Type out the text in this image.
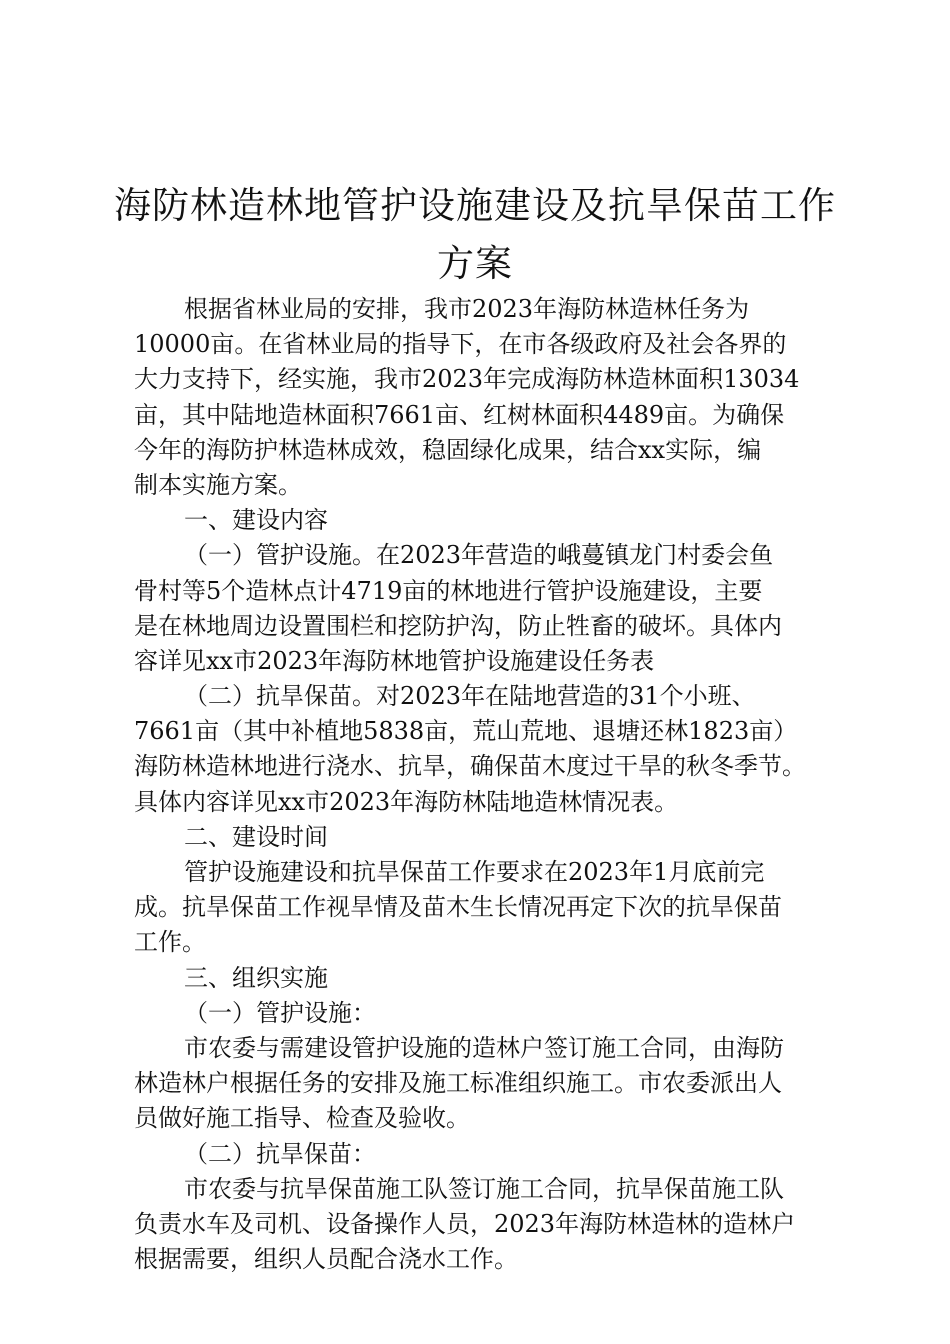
海防林造林地管护设施建设及抗旱保苗工作
方案
根据省林业局的安排，我市2023年海防林造林任务为
10000亩。在省林业局的指导下，在市各级政府及社会各界的
大力支持下，经实施，我市2023年完成海防林造林面积13034
亩，其中陆地造林面积7661亩、红树林面积4489亩。为确保
今年的海防护林造林成效，稳固绿化成果，结合xx实际，编
制本实施方案。
一、建设内容
（一）管护设施。在2023年营造的峨蔓镇龙门村委会鱼
骨村等5个造林点计4719亩的林地进行管护设施建设，主要
是在林地周边设置围栏和挖防护沟，防止牲畜的破坏。具体内
容详见xx市2023年海防林地管护设施建设任务表
（二）抗旱保苗。对2023年在陆地营造的31个小班、
7661亩（其中补植地5838亩，荒山荒地、退塘还林1823亩）
海防林造林地进行浇水、抗旱，确保苗木度过干旱的秋冬季节。
具体内容详见xx市2023年海防林陆地造林情况表。
二、建设时间
管护设施建设和抗旱保苗工作要求在2023年1月底前完
成。抗旱保苗工作视旱情及苗木生长情况再定下次的抗旱保苗
工作。
三、组织实施
（一）管护设施：
市农委与需建设管护设施的造林户签订施工合同，由海防
林造林户根据任务的安排及施工标准组织施工。市农委派出人
员做好施工指导、检查及验收。
（二）抗旱保苗：
市农委与抗旱保苗施工队签订施工合同，抗旱保苗施工队
负责水车及司机、设备操作人员，2023年海防林造林的造林户
根据需要，组织人员配合浇水工作。
